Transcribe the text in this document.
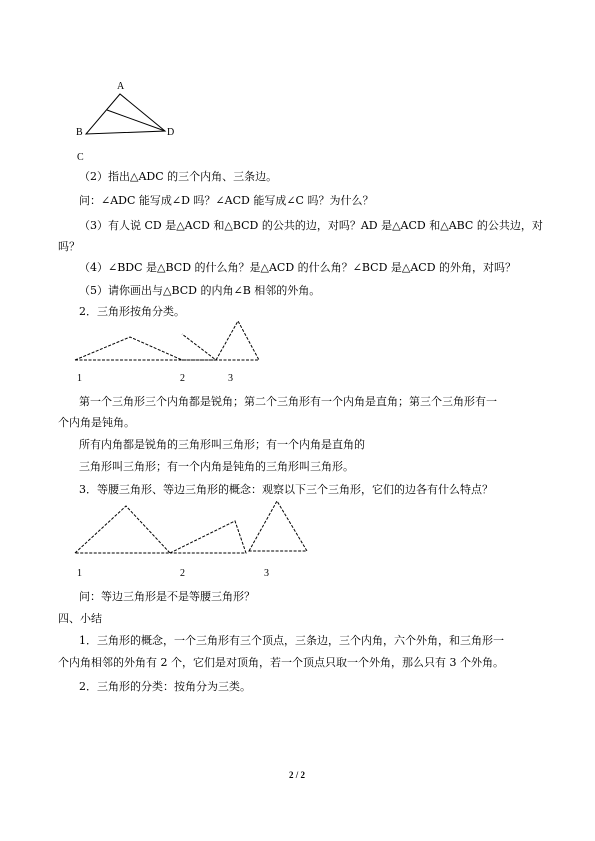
A
B	D
C
（2）指出△ADC 的三个内角、三条边。
问：∠ADC 能写成∠D 吗？∠ACD 能写成∠C 吗？为什么？
（3）有人说 CD 是△ACD 和△BCD 的公共的边，对吗？AD 是△ACD 和△ABC 的公共边，对
吗？
（4）∠BDC 是△BCD 的什么角？是△ACD 的什么角？∠BCD 是△ACD 的外角，对吗？
（5）请你画出与△BCD 的内角∠B 相邻的外角。
2．三角形按角分类。
1	2	3
第一个三角形三个内角都是锐角；第二个三角形有一个内角是直角；第三个三角形有一
个内角是钝角。
所有内角都是锐角的三角形叫三角形；有一个内角是直角的
三角形叫三角形；有一个内角是钝角的三角形叫三角形。
3．等腰三角形、等边三角形的概念：观察以下三个三角形，它们的边各有什么特点？
1	2	3
问：等边三角形是不是等腰三角形？
四、小结
1．三角形的概念，一个三角形有三个顶点，三条边，三个内角，六个外角，和三角形一
个内角相邻的外角有 2 个，它们是对顶角，若一个顶点只取一个外角，那么只有 3 个外角。
2．三角形的分类：按角分为三类。
2 / 2
